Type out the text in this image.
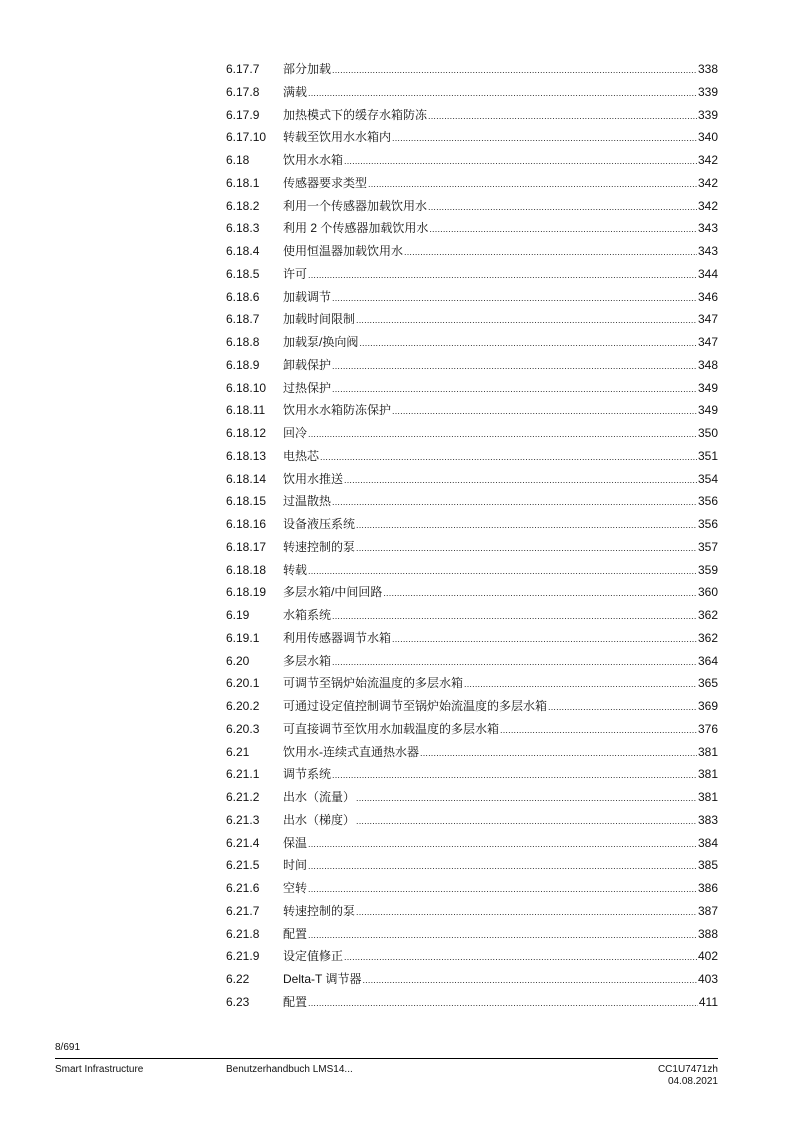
6.17.7	部分加载 .....	338
6.17.8	满载 .....	339
6.17.9	加热模式下的缓存水箱防冻 .....	339
6.17.10	转载至饮用水水箱内 .....	340
6.18	饮用水水箱 .....	342
6.18.1	传感器要求类型 .....	342
6.18.2	利用一个传感器加载饮用水 .....	342
6.18.3	利用 2 个传感器加载饮用水 .....	343
6.18.4	使用恒温器加载饮用水 .....	343
6.18.5	许可 .....	344
6.18.6	加载调节 .....	346
6.18.7	加载时间限制 .....	347
6.18.8	加载泵/换向阀 .....	347
6.18.9	卸载保护 .....	348
6.18.10	过热保护 .....	349
6.18.11	饮用水水箱防冻保护 .....	349
6.18.12	回冷 .....	350
6.18.13	电热芯 .....	351
6.18.14	饮用水推送 .....	354
6.18.15	过温散热 .....	356
6.18.16	设备液压系统 .....	356
6.18.17	转速控制的泵 .....	357
6.18.18	转载 .....	359
6.18.19	多层水箱/中间回路 .....	360
6.19	水箱系统 .....	362
6.19.1	利用传感器调节水箱 .....	362
6.20	多层水箱 .....	364
6.20.1	可调节至锅炉始流温度的多层水箱 .....	365
6.20.2	可通过设定值控制调节至锅炉始流温度的多层水箱 .....	369
6.20.3	可直接调节至饮用水加载温度的多层水箱 .....	376
6.21	饮用水-连续式直通热水器 .....	381
6.21.1	调节系统 .....	381
6.21.2	出水（流量） .....	381
6.21.3	出水（梯度） .....	383
6.21.4	保温 .....	384
6.21.5	时间 .....	385
6.21.6	空转 .....	386
6.21.7	转速控制的泵 .....	387
6.21.8	配置 .....	388
6.21.9	设定值修正 .....	402
6.22	Delta-T 调节器 .....	403
6.23	配置 .....	411
8/691
Smart Infrastructure	Benutzerhandbuch LMS14...	CC1U7471zh
04.08.2021
